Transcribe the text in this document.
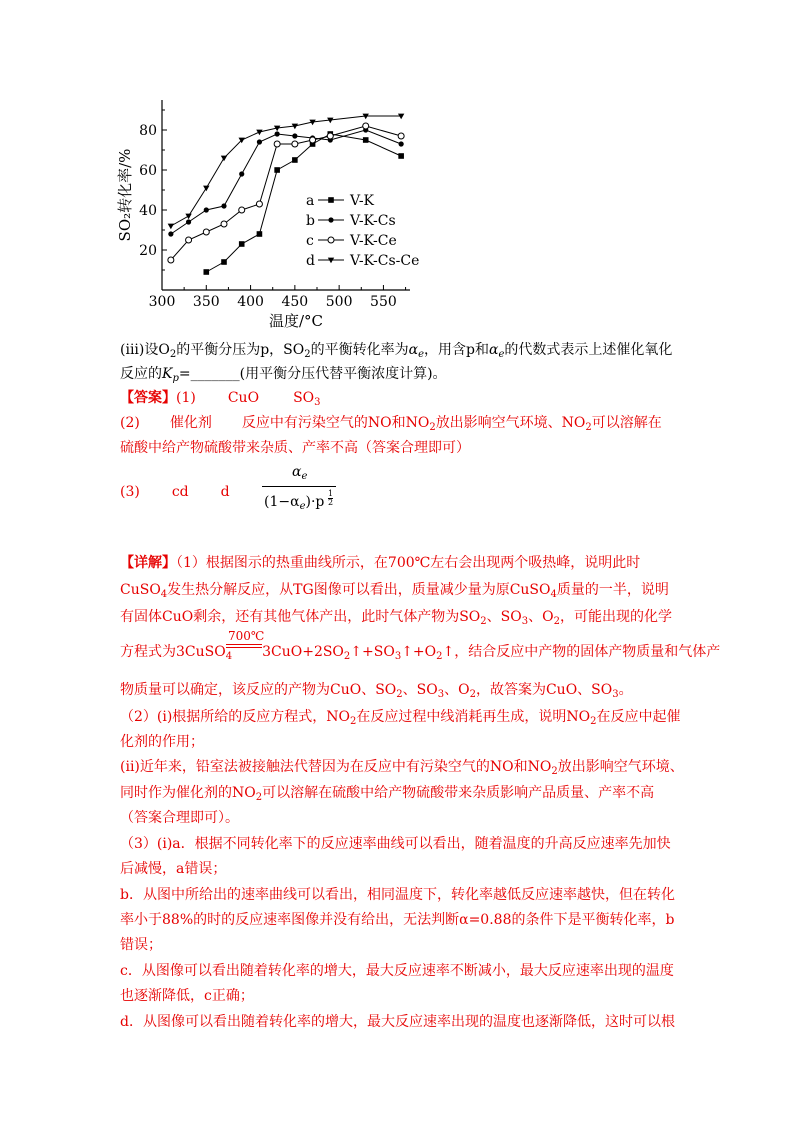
300 350 400 450 500 550
20
40
60
80
温度/°C
SO₂转化率/%	a	V-K
b	V-K-Cs
c	V-K-Ce
d	V-K-Cs-Ce
(iii)设$O_2$的平衡分压为p，$SO_2$的平衡转化率为$\alpha_e$，用含p和$\alpha_e$的代数式表示上述催化氧化
反应的$K_p=\_\_\_\_\_\_\_$(用平衡分压代替平衡浓度计算)。
【答案】(1) CuO $SO_3$
(2) 催化剂 反应中有污染空气的NO和$NO_2$放出影响空气环境、$NO_2$可以溶解在
硫酸中给产物硫酸带来杂质、产率不高（答案合理即可）
(3) cd d
$\alpha_e$
$(1-\alpha_e)\cdot p \frac{1}{2}$
【详解】（1）根据图示的热重曲线所示，在700℃左右会出现两个吸热峰，说明此时
CuSO$_4$发生热分解反应，从TG图像可以看出，质量减少量为原CuSO$_4$质量的一半，说明
有固体CuO剩余，还有其他气体产出，此时气体产物为$SO_2$、$SO_3$、$O_2$，可能出现的化学
700℃
方程式为3CuSO$_4$ $3CuO+2SO_2↑+SO_3↑+O_2↑$，结合反应中产物的固体产物质量和气体产
物质量可以确定，该反应的产物为CuO、$SO_2$、$SO_3$、$O_2$，故答案为CuO、$SO_3$。
（2）(i)根据所给的反应方程式，$NO_2$在反应过程中线消耗再生成，说明$NO_2$在反应中起催
化剂的作用；
(ii)近年来，铅室法被接触法代替因为在反应中有污染空气的NO和$NO_2$放出影响空气环境、
同时作为催化剂的$NO_2$可以溶解在硫酸中给产物硫酸带来杂质影响产品质量、产率不高
（答案合理即可）。
（3）(i)a．根据不同转化率下的反应速率曲线可以看出，随着温度的升高反应速率先加快
后减慢，a错误；
b．从图中所给出的速率曲线可以看出，相同温度下，转化率越低反应速率越快，但在转化
率小于88%的时的反应速率图像并没有给出，无法判断α=0.88的条件下是平衡转化率，b
错误；
c．从图像可以看出随着转化率的增大，最大反应速率不断减小，最大反应速率出现的温度
也逐渐降低，c正确；
d．从图像可以看出随着转化率的增大，最大反应速率出现的温度也逐渐降低，这时可以根
